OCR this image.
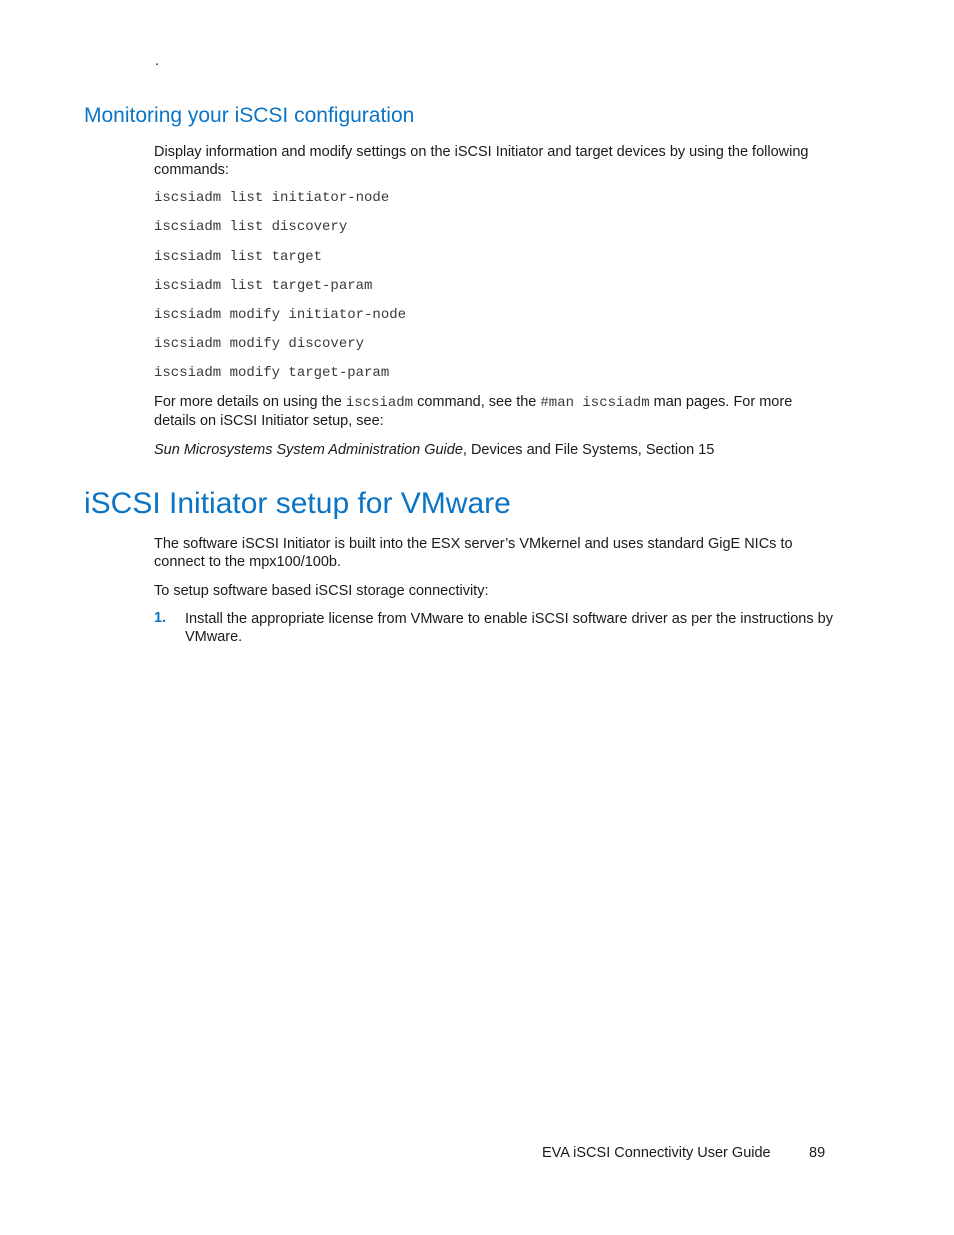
.
Monitoring your iSCSI configuration
Display information and modify settings on the iSCSI Initiator and target devices by using the following commands:
iscsiadm list initiator-node
iscsiadm list discovery
iscsiadm list target
iscsiadm list target-param
iscsiadm modify initiator-node
iscsiadm modify discovery
iscsiadm modify target-param
For more details on using the iscsiadm command, see the #man iscsiadm man pages. For more details on iSCSI Initiator setup, see:
Sun Microsystems System Administration Guide, Devices and File Systems, Section 15
iSCSI Initiator setup for VMware
The software iSCSI Initiator is built into the ESX server’s VMkernel and uses standard GigE NICs to connect to the mpx100/100b.
To setup software based iSCSI storage connectivity:
1. Install the appropriate license from VMware to enable iSCSI software driver as per the instructions by VMware.
EVA iSCSI Connectivity User Guide	89
